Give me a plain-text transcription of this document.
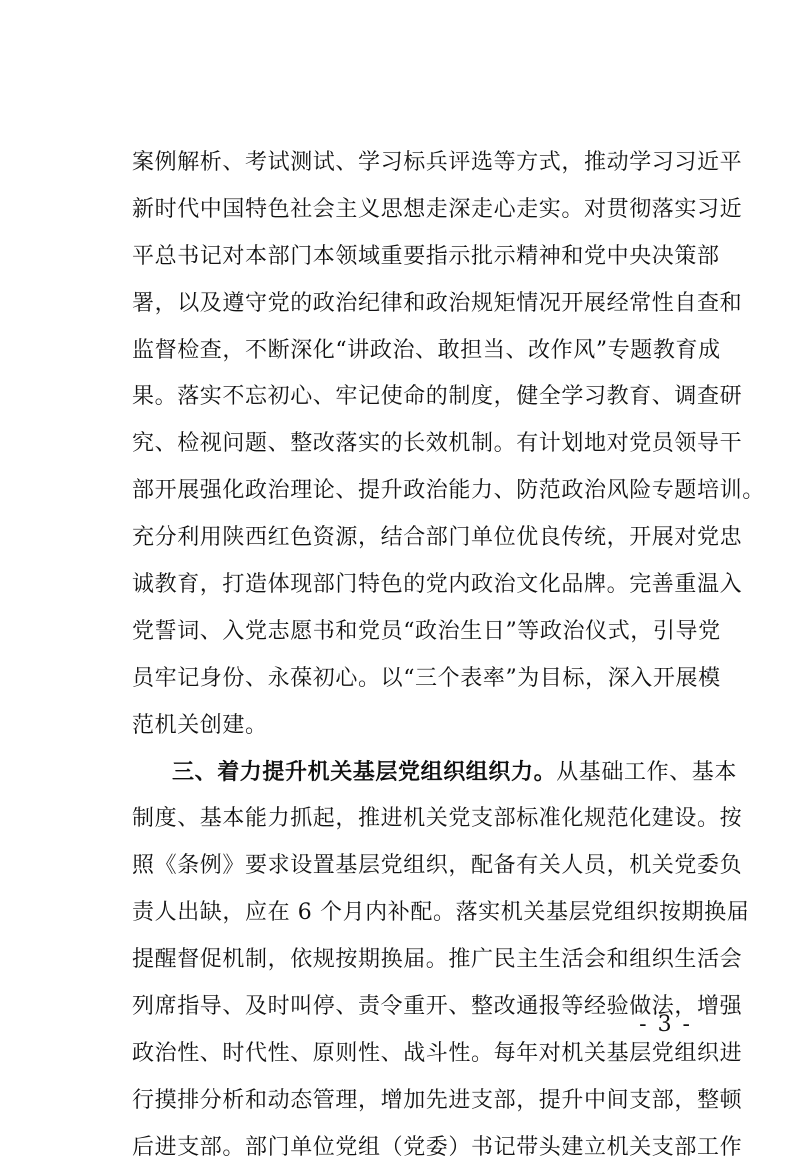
案例解析、考试测试、学习标兵评选等方式，推动学习习近平
新时代中国特色社会主义思想走深走心走实。对贯彻落实习近
平总书记对本部门本领域重要指示批示精神和党中央决策部
署，以及遵守党的政治纪律和政治规矩情况开展经常性自查和
监督检查，不断深化“讲政治、敢担当、改作风”专题教育成
果。落实不忘初心、牢记使命的制度，健全学习教育、调查研
究、检视问题、整改落实的长效机制。有计划地对党员领导干
部开展强化政治理论、提升政治能力、防范政治风险专题培训。
充分利用陕西红色资源，结合部门单位优良传统，开展对党忠
诚教育，打造体现部门特色的党内政治文化品牌。完善重温入
党誓词、入党志愿书和党员“政治生日”等政治仪式，引导党
员牢记身份、永葆初心。以“三个表率”为目标，深入开展模
范机关创建。
三、着力提升机关基层党组织组织力。从基础工作、基本
制度、基本能力抓起，推进机关党支部标准化规范化建设。按
照《条例》要求设置基层党组织，配备有关人员，机关党委负
责人出缺，应在 6 个月内补配。落实机关基层党组织按期换届
提醒督促机制，依规按期换届。推广民主生活会和组织生活会
列席指导、及时叫停、责令重开、整改通报等经验做法，增强
政治性、时代性、原则性、战斗性。每年对机关基层党组织进
行摸排分析和动态管理，增加先进支部，提升中间支部，整顿
后进支部。部门单位党组（党委）书记带头建立机关支部工作
- 3 -
